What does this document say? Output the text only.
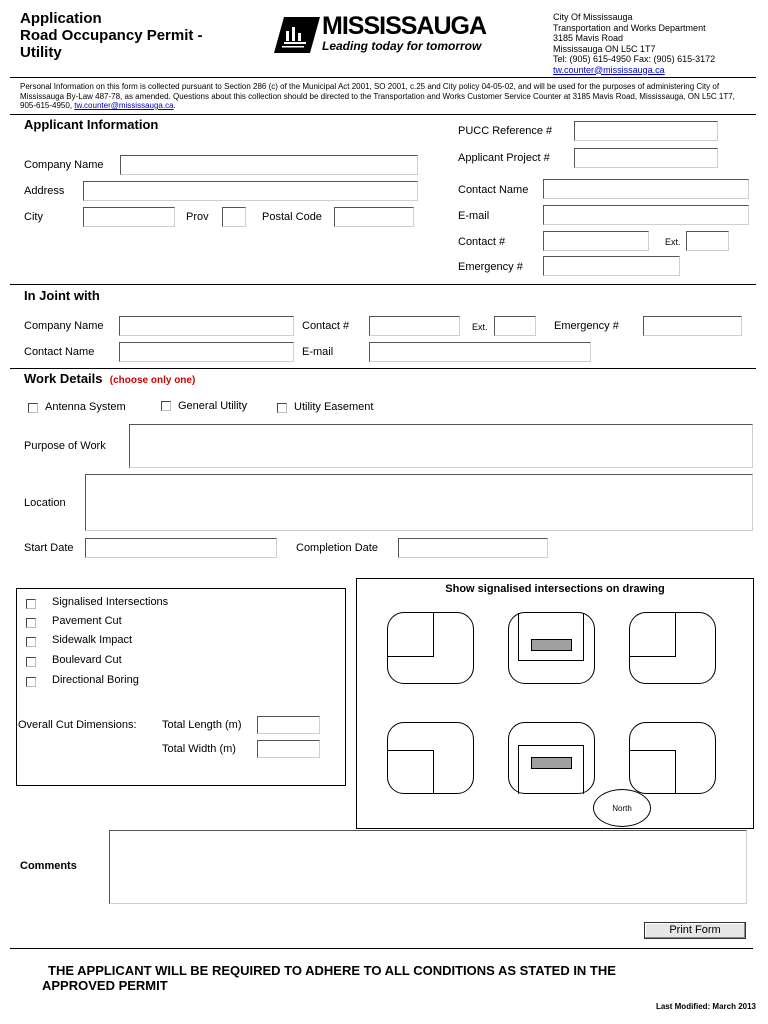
Application
Road Occupancy Permit -
Utility
MISSISSAUGA
Leading today for tomorrow
City Of Mississauga
Transportation and Works Department
3185 Mavis Road
Mississauga ON L5C 1T7
Tel: (905) 615-4950 Fax: (905) 615-3172
tw.counter@mississauga.ca
Personal Information on this form is collected pursuant to Section 286 (c) of the Municipal Act 2001, SO 2001, c.25 and City policy 04-05-02, and will be used for the purposes of administering City of Mississauga By-Law 487-78, as amended. Questions about this collection should be directed to the Transportation and Works Customer Service Counter at 3185 Mavis Road, Mississauga, ON L5C 1T7, 905-615-4950, tw.counter@mississauga.ca.
Applicant Information
Company Name
Address
City	Prov	Postal Code
PUCC Reference #
Applicant Project #
Contact Name
E-mail
Contact #	Ext.
Emergency #
In Joint with
Company Name	Contact #	Ext.	Emergency #
Contact Name	E-mail
Work Details (choose only one)
Antenna System	General Utility	Utility Easement
Purpose of Work
Location
Start Date	Completion Date
Signalised Intersections
Pavement Cut
Sidewalk Impact
Boulevard Cut
Directional Boring
Overall Cut Dimensions: Total Length (m)
Total Width (m)
Show signalised intersections on drawing
North
Comments
Print Form
THE APPLICANT WILL BE REQUIRED TO ADHERE TO ALL CONDITIONS AS STATED IN THE
APPROVED PERMIT
Last Modified: March 2013
